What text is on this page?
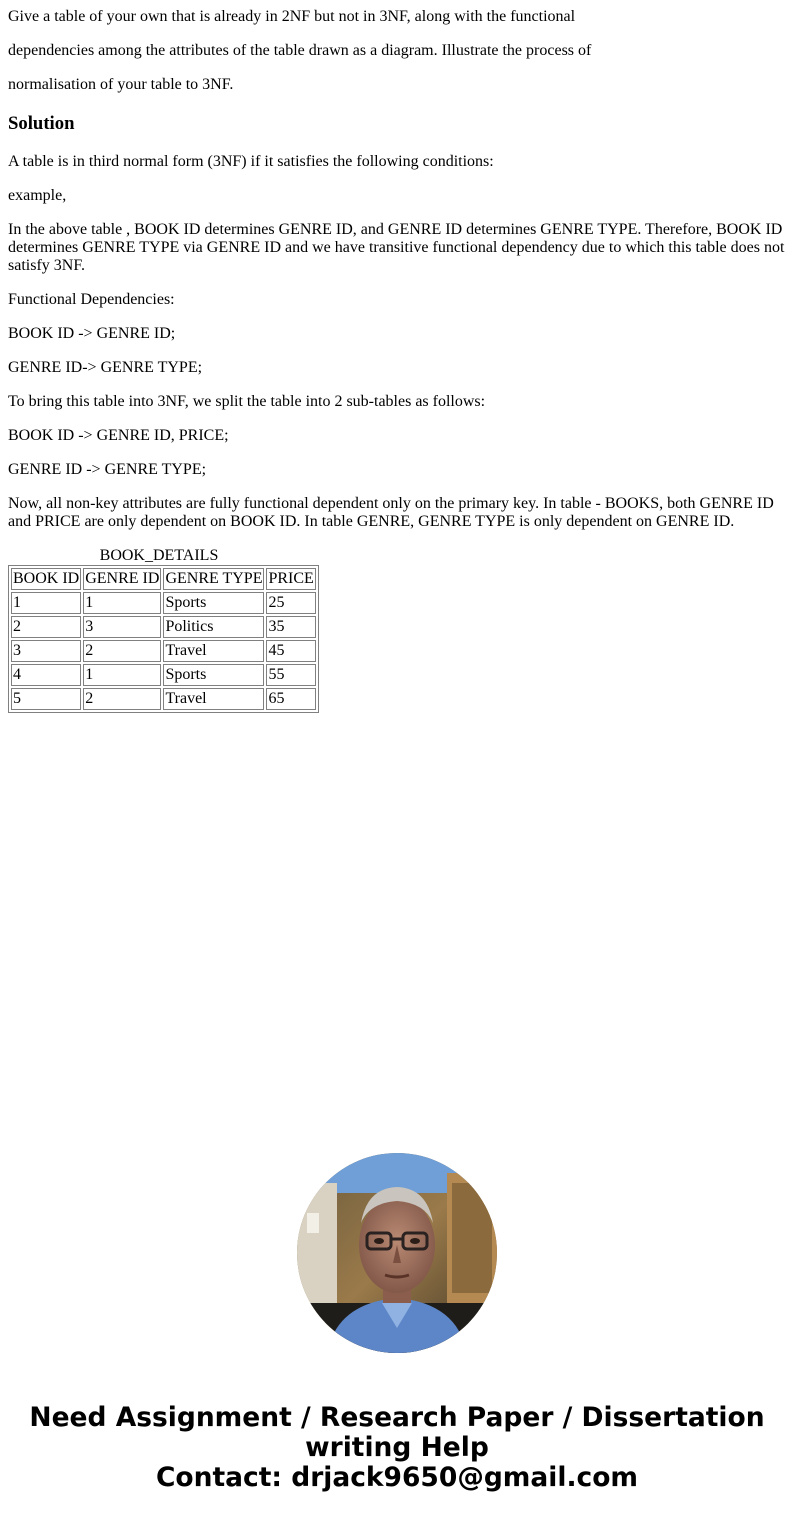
Give a table of your own that is already in 2NF but not in 3NF, along with the functional

dependencies among the attributes of the table drawn as a diagram. Illustrate the process of

normalisation of your table to 3NF.

Solution

A table is in third normal form (3NF) if it satisfies the following conditions:

example,

In the above table , BOOK ID determines GENRE ID, and GENRE ID determines GENRE TYPE. Therefore, BOOK ID determines GENRE TYPE via GENRE ID and we have transitive functional dependency due to which this table does not satisfy 3NF.

Functional Dependencies:

BOOK ID -> GENRE ID;

GENRE ID-> GENRE TYPE;

To bring this table into 3NF, we split the table into 2 sub-tables as follows:

BOOK ID -> GENRE ID, PRICE;

GENRE ID -> GENRE TYPE;

Now, all non-key attributes are fully functional dependent only on the primary key. In table - BOOKS, both GENRE ID and PRICE are only dependent on BOOK ID. In table GENRE, GENRE TYPE is only dependent on GENRE ID.

BOOK_DETAILS
BOOK ID	GENRE ID	GENRE TYPE	PRICE
1	1	Sports	25
2	3	Politics	35
3	2	Travel	45
4	1	Sports	55
5	2	Travel	65
Need Assignment / Research Paper / Dissertation
writing Help
Contact: drjack9650@gmail.com
